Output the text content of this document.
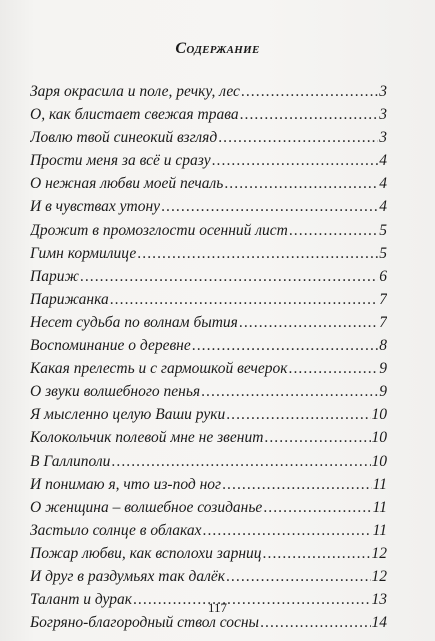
Содержание
Заря окрасила и поле, речку, лес . . .	3
О, как блистает свежая трава . . .	3
Ловлю твой синеокий взгляд . . .	3
Прости меня за всё и сразу . . .	4
О нежная любви моей печаль . . .	4
И в чувствах утону . . .	4
Дрожит в промозглости осенний лист . . .	5
Гимн кормилице . . .	5
Париж . . .	6
Парижанка . . .	7
Несет судьба по волнам бытия . . .	7
Воспоминание о деревне . . .	8
Какая прелесть и с гармошкой вечерок . . .	9
О звуки волшебного пенья . . .	9
Я мысленно целую Ваши руки . . .	10
Колокольчик полевой мне не звенит . . .	10
В Галлиполи . . .	10
И понимаю я, что из-под ног . . .	11
О женщина – волшебное созиданье . . .	11
Застыло солнце в облаках . . .	11
Пожар любви, как всполохи зарниц . . .	12
И друг в раздумьях так далёк . . .	12
Талант и дурак . . .	13
Богряно-благородный ствол сосны . . .	14
117
